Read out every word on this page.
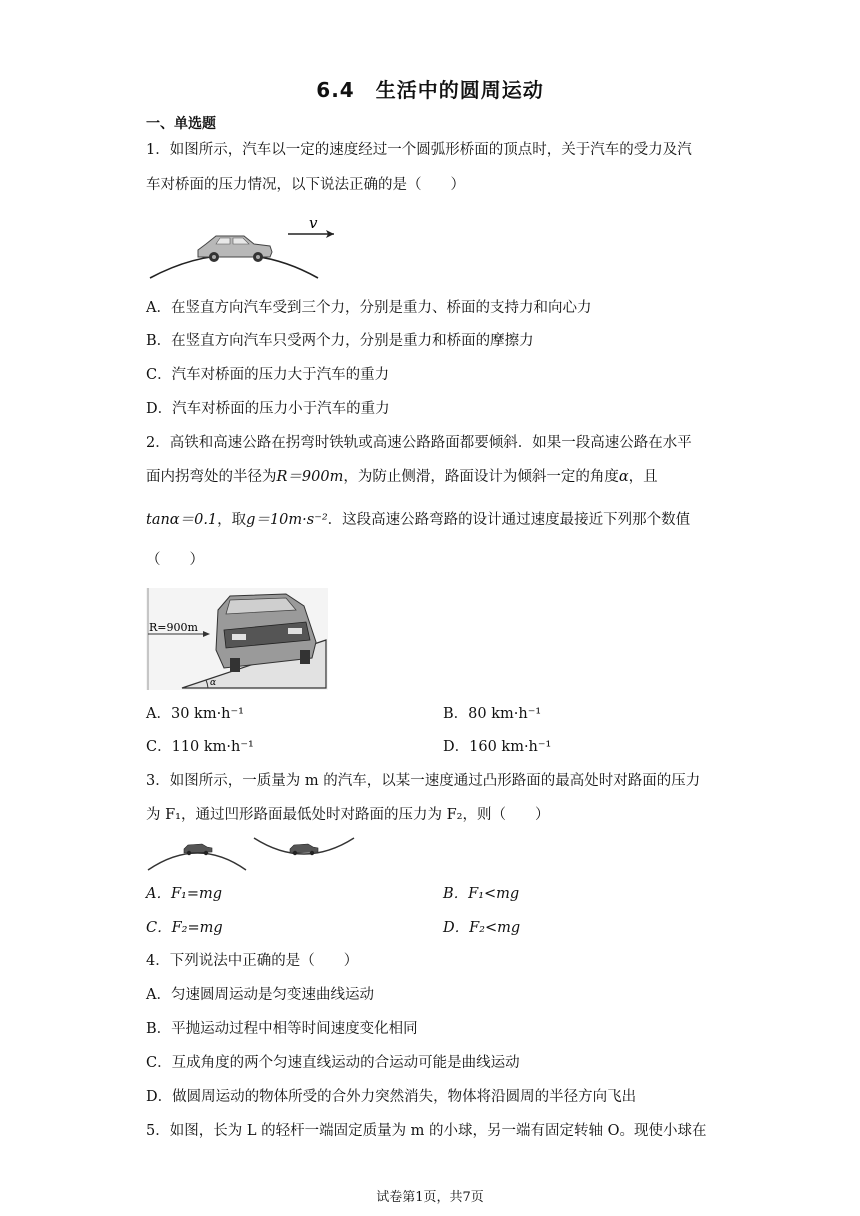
6.4　生活中的圆周运动
一、单选题
1．如图所示，汽车以一定的速度经过一个圆弧形桥面的顶点时，关于汽车的受力及汽
车对桥面的压力情况，以下说法正确的是（　　）
v
A．在竖直方向汽车受到三个力，分别是重力、桥面的支持力和向心力
B．在竖直方向汽车只受两个力，分别是重力和桥面的摩擦力
C．汽车对桥面的压力大于汽车的重力
D．汽车对桥面的压力小于汽车的重力
2．高铁和高速公路在拐弯时铁轨或高速公路路面都要倾斜．如果一段高速公路在水平
面内拐弯处的半径为R＝900m，为防止侧滑，路面设计为倾斜一定的角度α，且
tanα＝0.1，取g＝10m·s⁻²．这段高速公路弯路的设计通过速度最接近下列那个数值
（　　）
α
R=900m
A．30 km·h⁻¹	B．80 km·h⁻¹
C．110 km·h⁻¹	D．160 km·h⁻¹
3．如图所示，一质量为 m 的汽车，以某一速度通过凸形路面的最高处时对路面的压力
为 F₁，通过凹形路面最低处时对路面的压力为 F₂，则（　　）
A．F₁=mg	B．F₁<mg
C．F₂=mg	D．F₂<mg
4．下列说法中正确的是（　　）
A．匀速圆周运动是匀变速曲线运动
B．平抛运动过程中相等时间速度变化相同
C．互成角度的两个匀速直线运动的合运动可能是曲线运动
D．做圆周运动的物体所受的合外力突然消失，物体将沿圆周的半径方向飞出
5．如图，长为 L 的轻杆一端固定质量为 m 的小球，另一端有固定转轴 O。现使小球在
试卷第1页，共7页
